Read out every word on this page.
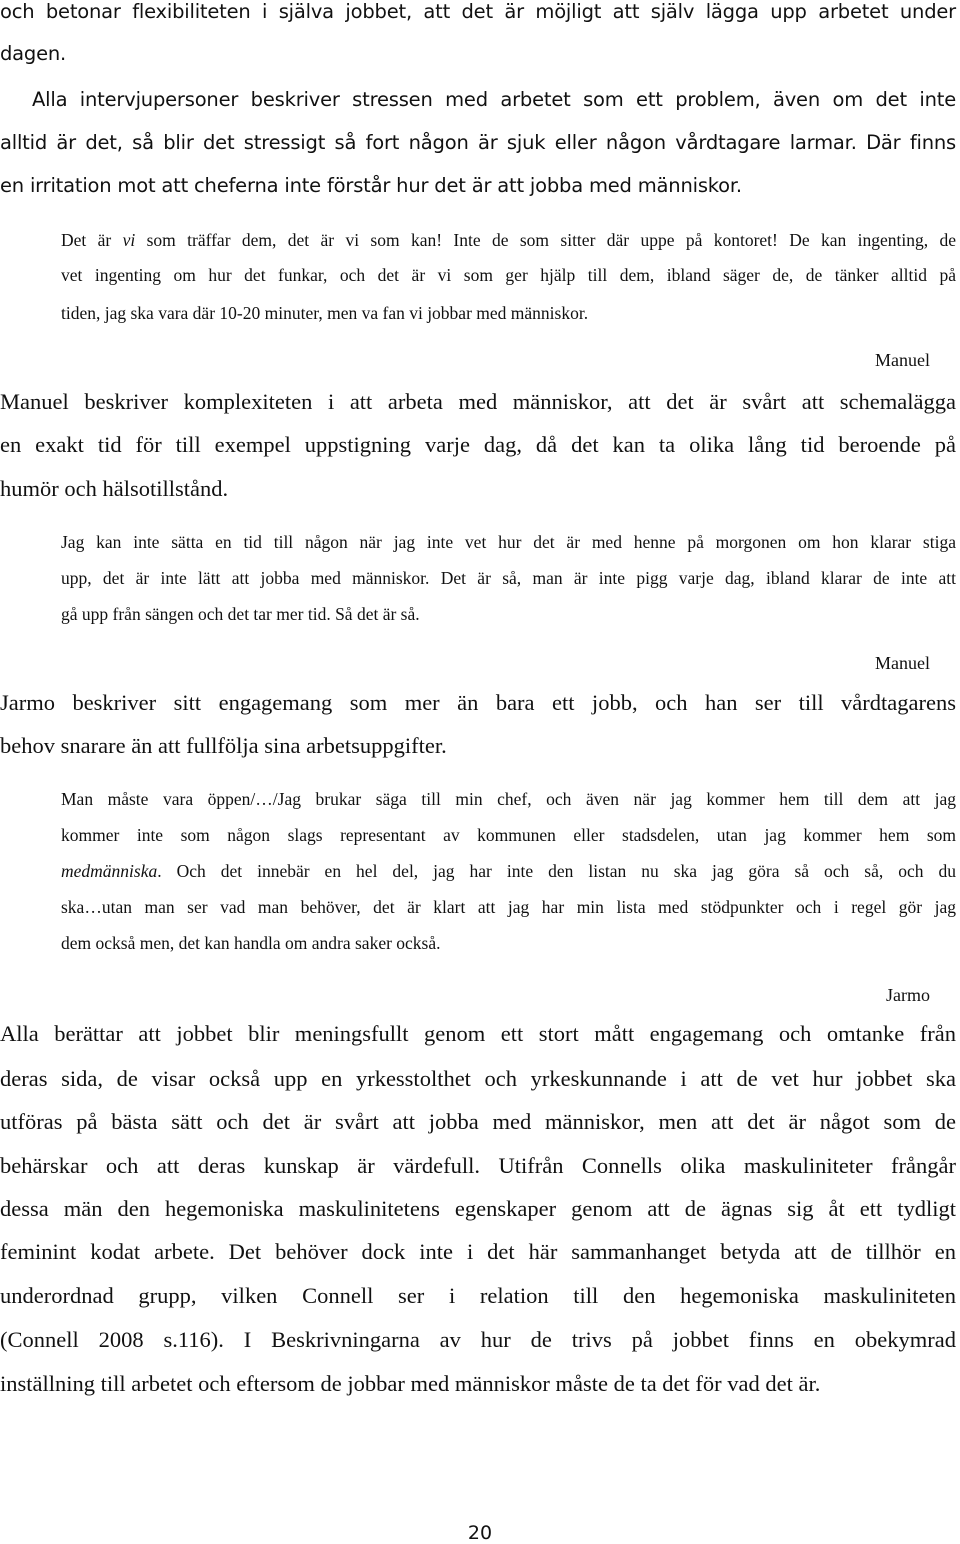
och betonar flexibiliteten i själva jobbet, att det är möjligt att själv lägga upp arbetet under

dagen.

Alla intervjupersoner beskriver stressen med arbetet som ett problem, även om det inte

alltid är det, så blir det stressigt så fort någon är sjuk eller någon vårdtagare larmar. Där finns

en irritation mot att cheferna inte förstår hur det är att jobba med människor.

Det är vi som träffar dem, det är vi som kan! Inte de som sitter där uppe på kontoret! De kan ingenting, de

vet ingenting om hur det funkar, och det är vi som ger hjälp till dem, ibland säger de, de tänker alltid på

tiden, jag ska vara där 10-20 minuter, men va fan vi jobbar med människor.

Manuel

Manuel beskriver komplexiteten i att arbeta med människor, att det är svårt att schemalägga

en exakt tid för till exempel uppstigning varje dag, då det kan ta olika lång tid beroende på

humör och hälsotillstånd.

Jag kan inte sätta en tid till någon när jag inte vet hur det är med henne på morgonen om hon klarar stiga

upp, det är inte lätt att jobba med människor. Det är så, man är inte pigg varje dag, ibland klarar de inte att

gå upp från sängen och det tar mer tid. Så det är så.

Manuel

Jarmo beskriver sitt engagemang som mer än bara ett jobb, och han ser till vårdtagarens

behov snarare än att fullfölja sina arbetsuppgifter.

Man måste vara öppen/…/Jag brukar säga till min chef, och även när jag kommer hem till dem att jag

kommer inte som någon slags representant av kommunen eller stadsdelen, utan jag kommer hem som

medmänniska. Och det innebär en hel del, jag har inte den listan nu ska jag göra så och så, och du

ska…utan man ser vad man behöver, det är klart att jag har min lista med stödpunkter och i regel gör jag

dem också men, det kan handla om andra saker också.

Jarmo

Alla berättar att jobbet blir meningsfullt genom ett stort mått engagemang och omtanke från

deras sida, de visar också upp en yrkesstolthet och yrkeskunnande i att de vet hur jobbet ska

utföras på bästa sätt och det är svårt att jobba med människor, men att det är något som de

behärskar och att deras kunskap är värdefull. Utifrån Connells olika maskuliniteter frångår

dessa män den hegemoniska maskulinitetens egenskaper genom att de ägnas sig åt ett tydligt

feminint kodat arbete. Det behöver dock inte i det här sammanhanget betyda att de tillhör en

underordnad grupp, vilken Connell ser i relation till den hegemoniska maskuliniteten

(Connell 2008 s.116). I Beskrivningarna av hur de trivs på jobbet finns en obekymrad

inställning till arbetet och eftersom de jobbar med människor måste de ta det för vad det är.

20
